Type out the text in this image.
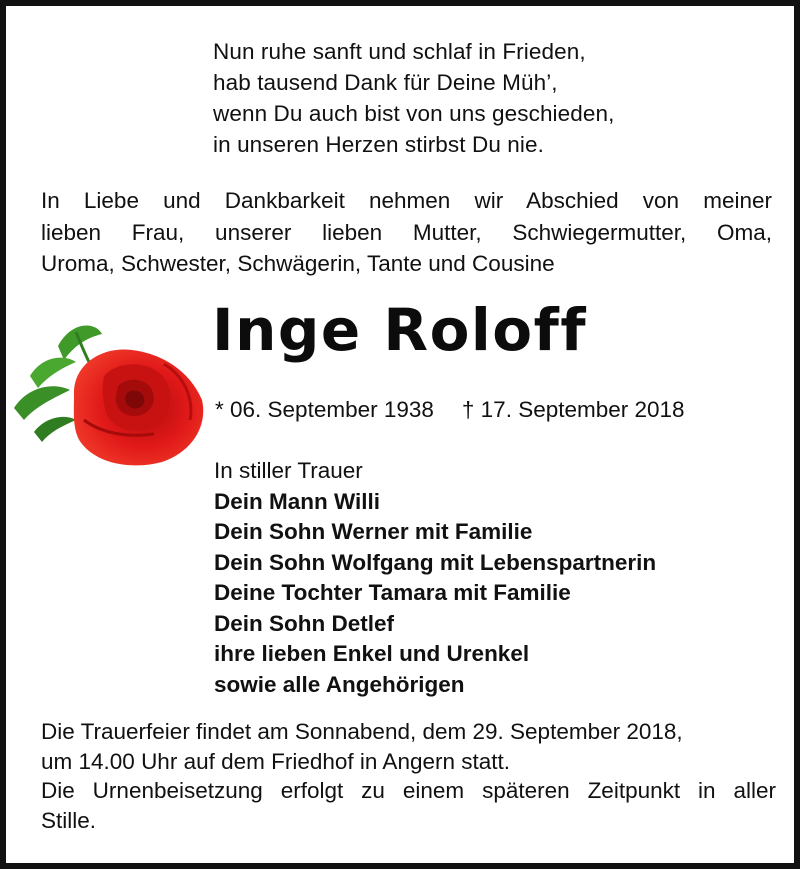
Nun ruhe sanft und schlaf in Frieden,
hab tausend Dank für Deine Müh’,
wenn Du auch bist von uns geschieden,
in unseren Herzen stirbst Du nie.
In Liebe und Dankbarkeit nehmen wir Abschied von meiner
lieben Frau, unserer lieben Mutter, Schwiegermutter, Oma,
Uroma, Schwester, Schwägerin, Tante und Cousine
Inge Roloff
* 06. September 1938 † 17. September 2018
In stiller Trauer
Dein Mann Willi
Dein Sohn Werner mit Familie
Dein Sohn Wolfgang mit Lebenspartnerin
Deine Tochter Tamara mit Familie
Dein Sohn Detlef
ihre lieben Enkel und Urenkel
sowie alle Angehörigen
Die Trauerfeier findet am Sonnabend, dem 29. September 2018,
um 14.00 Uhr auf dem Friedhof in Angern statt.
Die Urnenbeisetzung erfolgt zu einem späteren Zeitpunkt in aller
Stille.
